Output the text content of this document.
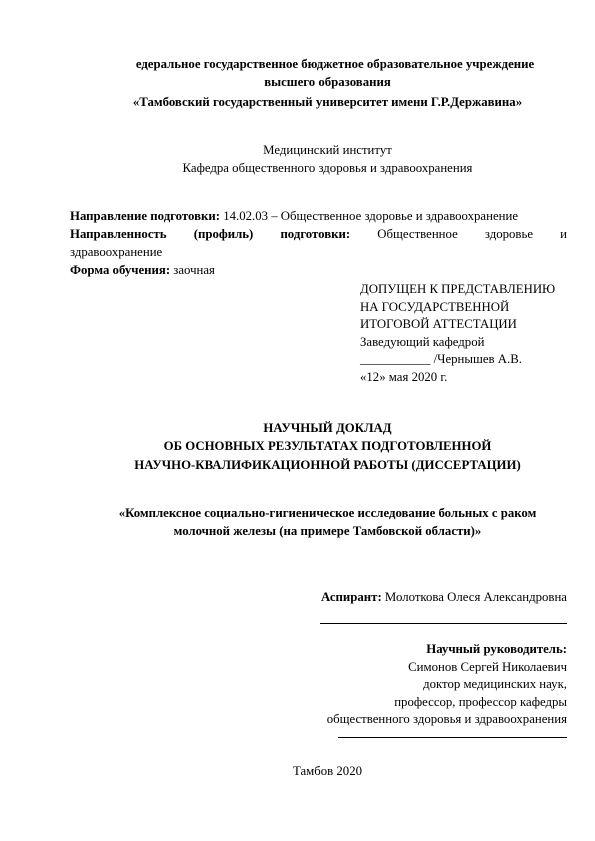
едеральное государственное бюджетное образовательное учреждение

высшего образования

«Тамбовский государственный университет имени Г.Р.Державина»

Медицинский институт

Кафедра общественного здоровья и здравоохранения

Направление подготовки: 14.02.03 – Общественное здоровье и здравоохранение

Направленность (профиль) подготовки: Общественное здоровье и

здравоохранение

Форма обучения: заочная

ДОПУЩЕН К ПРЕДСТАВЛЕНИЮ
НА ГОСУДАРСТВЕННОЙ
ИТОГОВОЙ АТТЕСТАЦИИ
Заведующий кафедрой
___________ /Чернышев А.В.
«12» мая 2020 г.

НАУЧНЫЙ ДОКЛАД

ОБ ОСНОВНЫХ РЕЗУЛЬТАТАХ ПОДГОТОВЛЕННОЙ

НАУЧНО-КВАЛИФИКАЦИОННОЙ РАБОТЫ (ДИССЕРТАЦИИ)

«Комплексное социально-гигиеническое исследование больных с раком

молочной железы (на примере Тамбовской области)»

Аспирант: Молоткова Олеся Александровна

Научный руководитель:
Симонов Сергей Николаевич
доктор медицинских наук,
профессор, профессор кафедры
общественного здоровья и здравоохранения

Тамбов 2020
